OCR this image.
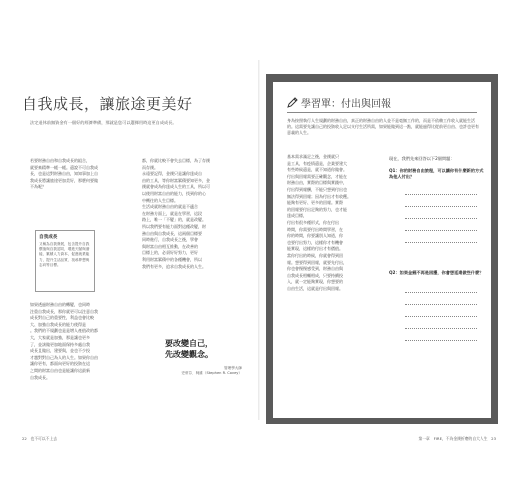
自我成長，讓旅途更美好
法定退休前無資金有一個好的經濟準備，那就是您可以選擇用時這更自成成長。
若要財務自由和自我成長的組合，
就要來精準一帳一帳。還說不可自我成
長，也是這對財務自由，知知事加上自
我成長將讓旅途更加美好，那麼何要做
不為呢？
自我成長
又稱為自我發展，包含提升自我價值與自我認同，增進天賦與潛能，累積人力資本，促進就業能力，提升生活品質、找尋夢想與志向等目標。
如果透過財務自由的轉變，也同時
注重自我成長，那你就更可以注意自我
成長對自己的重要性，利益也會比較
大、加強自我成長的能力使得是
。我們的不規劃也是是增人產值改的都
大，大家就是加強，那是讓也更多
了，並該做更加地面保持多處自我
成長且做出，建要與，並也不少投
才越對對自己為人的人生。如果你自由
讓你更有，都面向更好的投資在這
之間的財富自由也是能讓你這最新
自我成長。
都，你就比較不會失去目標，為了存錢
而存錢。
永遠要記得，金錢只是讓你達成自
由的工具，等你財富累積要知更多，金
錢就會成為你達成人生的工具，所以可
以使用財富自由的能力，找到你的心
中嚮往的人生目標。
生活成就財務自由的就是不適合
在財務方面上，就是在學習，這段
路上，唯一「不變」的，就是改變。
所以我們要有能力面對這種改變，財
務自由與自我成長，這兩個目標要
同時進行，自我成長之後，學會
與財富自由相互推動，在改善的
目標上的，必須好好努力，更好
利用財富累積中的各種機會，所以
我們有更多，追求自我成長的人生。
要改變自己，
先改變觀念。
管理學大師
史蒂芬．柯維（Stephen R. Covey）
22 也不可以不上去
學習單：付出與回報
身為按照執行人生規劃的財務自由，真正的財務自由的人並不是毫無工作的，而是不依賴工作收入就能生活的。這需要先讓自己的投資收入足以支付生活所需，如果能做到這一點，就能過得比從前更自由、也許也更有意義的人生。
基本需求滿足之後，金錢就只
是工具，有疫情還是，企業要建大
有些時候還是，就不知道你做會。
付出與回報需要正確觀念，才能在
財務自由，實際的目標與實踐中，
付出得到報酬，不能只想到付出也
無法得到回報；因為付出才有收穫。
能夠有更好、更多的回報。實際
的回報要付出足夠的努力，也才能
達成目標，
付出有很多種形式，你在付出
時間，你需要付出時間學習，在
你的時間，你要讓別人知道，你
也要付出努力，這樣你才有機會
能實現，這樣的付出才有價值。
當你付出的時候，你就會得到回
報。想要得到回報，就要先付出，
你也會慢慢感受到，財務自由與
自我成長相輔相成，只要持續投
入，就一定能夠實現，你想要的
自由生活，這就是付出與回報。
現在，我們先來回答以下2個問題：
Q1：你的財務自由旅程，可以讓你有什麼新的方式為他人付出？
Q2：如果金錢不再是困擾，你會想延遠做些什麼？
第一章　FIRE，不為金錢折磨的自大人生 23
